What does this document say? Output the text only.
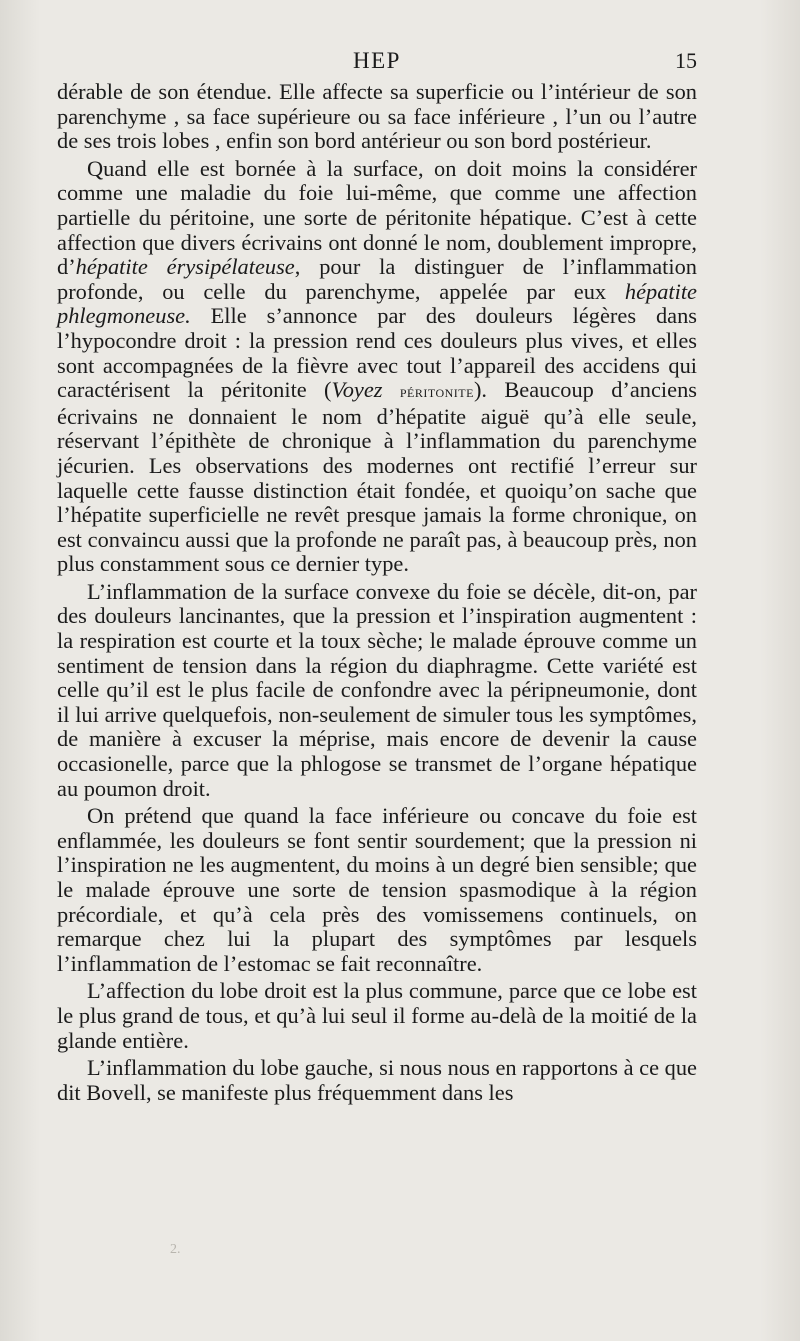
HEP	15

dérable de son étendue. Elle affecte sa superficie ou l’intérieur de son parenchyme , sa face supérieure ou sa face inférieure , l’un ou l’autre de ses trois lobes , enfin son bord antérieur ou son bord postérieur.

Quand elle est bornée à la surface, on doit moins la considérer comme une maladie du foie lui-même, que comme une affection partielle du péritoine, une sorte de péritonite hépatique. C’est à cette affection que divers écrivains ont donné le nom, doublement impropre, d’hépatite érysipélateuse, pour la distinguer de l’inflammation profonde, ou celle du parenchyme, appelée par eux hépatite phlegmoneuse. Elle s’annonce par des douleurs légères dans l’hypocondre droit : la pression rend ces douleurs plus vives, et elles sont accompagnées de la fièvre avec tout l’appareil des accidens qui caractérisent la péritonite (Voyez péritonite). Beaucoup d’anciens écrivains ne donnaient le nom d’hépatite aiguë qu’à elle seule, réservant l’épithète de chronique à l’inflammation du parenchyme jécurien. Les observations des modernes ont rectifié l’erreur sur laquelle cette fausse distinction était fondée, et quoiqu’on sache que l’hépatite superficielle ne revêt presque jamais la forme chronique, on est convaincu aussi que la profonde ne paraît pas, à beaucoup près, non plus constamment sous ce dernier type.

L’inflammation de la surface convexe du foie se décèle, dit-on, par des douleurs lancinantes, que la pression et l’inspiration augmentent : la respiration est courte et la toux sèche; le malade éprouve comme un sentiment de tension dans la région du diaphragme. Cette variété est celle qu’il est le plus facile de confondre avec la péripneumonie, dont il lui arrive quelquefois, non-seulement de simuler tous les symptômes, de manière à excuser la méprise, mais encore de devenir la cause occasionelle, parce que la phlogose se transmet de l’organe hépatique au poumon droit.

On prétend que quand la face inférieure ou concave du foie est enflammée, les douleurs se font sentir sourdement; que la pression ni l’inspiration ne les augmentent, du moins à un degré bien sensible; que le malade éprouve une sorte de tension spasmodique à la région précordiale, et qu’à cela près des vomissemens continuels, on remarque chez lui la plupart des symptômes par lesquels l’inflammation de l’estomac se fait reconnaître.

L’affection du lobe droit est la plus commune, parce que ce lobe est le plus grand de tous, et qu’à lui seul il forme au-delà de la moitié de la glande entière.

L’inflammation du lobe gauche, si nous nous en rapportons à ce que dit Bovell, se manifeste plus fréquemment dans les

2.
